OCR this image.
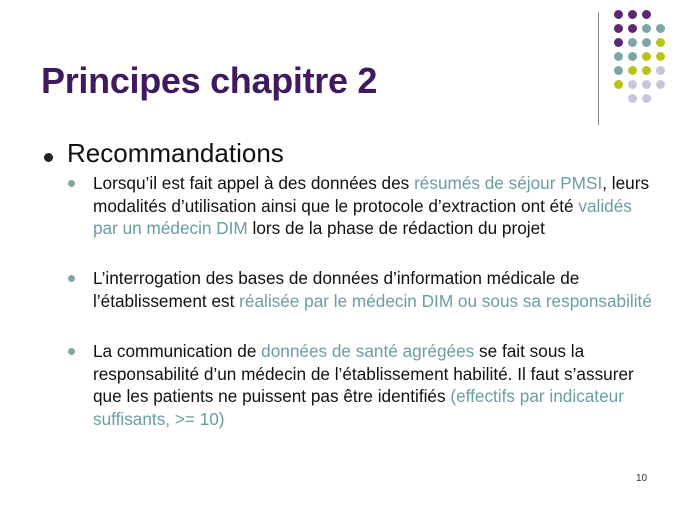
Principes chapitre 2
Recommandations
Lorsqu’il est fait appel à des données des résumés de séjour PMSI, leurs modalités d’utilisation ainsi que le protocole d’extraction ont été validés par un médecin DIM lors de la phase de rédaction du projet
L’interrogation des bases de données d’information médicale de l’établissement est réalisée par le médecin DIM ou sous sa responsabilité
La communication de données de santé agrégées se fait sous la responsabilité d’un médecin de l’établissement habilité. Il faut s’assurer que les patients ne puissent pas être identifiés (effectifs par indicateur suffisants, >= 10)
10
